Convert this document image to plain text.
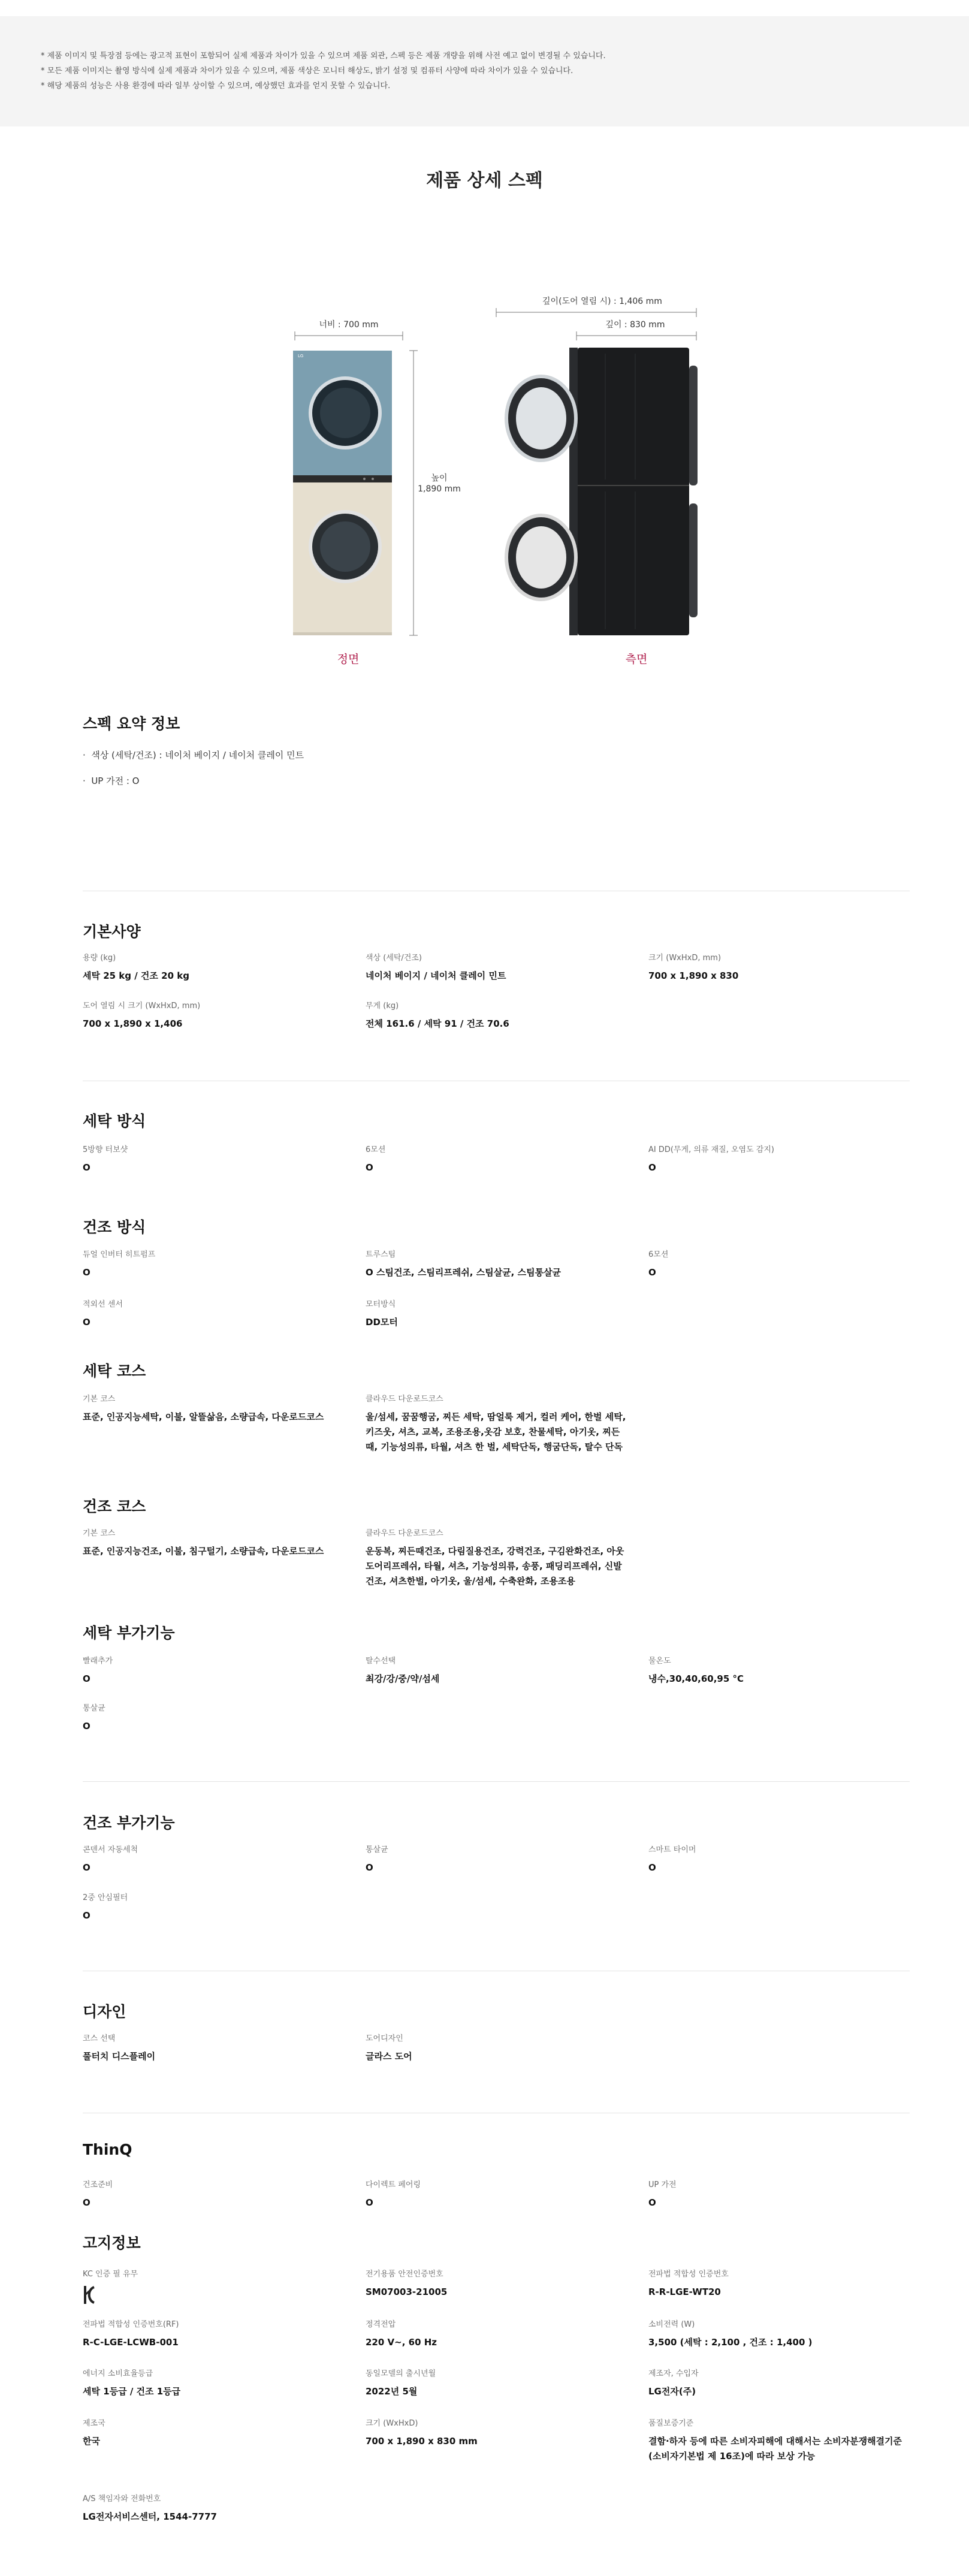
* 제품 이미지 및 특장점 등에는 광고적 표현이 포함되어 실제 제품과 차이가 있을 수 있으며 제품 외관, 스펙 등은 제품 개량을 위해 사전 예고 없이 변경될 수 있습니다.

* 모든 제품 이미지는 촬영 방식에 실제 제품과 차이가 있을 수 있으며, 제품 색상은 모니터 해상도, 밝기 설정 및 컴퓨터 사양에 따라 차이가 있을 수 있습니다.

* 해당 제품의 성능은 사용 환경에 따라 일부 상이할 수 있으며, 예상했던 효과를 얻지 못할 수 있습니다.

제품 상세 스펙
너비 : 700 mm
LG
높이
1,890 mm
깊이(도어 열림 시) : 1,406 mm
깊이 : 830 mm
정면	측면
스펙 요약 정보
·  색상 (세탁/건조) : 네이처 베이지 / 네이처 클레이 민트
·  UP 가전 : O
기본사양
용량 (kg)
세탁 25 kg / 건조 20 kg
색상 (세탁/건조)
네이처 베이지 / 네이처 클레이 민트
크기 (WxHxD, mm)
700 x 1,890 x 830
도어 열림 시 크기 (WxHxD, mm)
700 x 1,890 x 1,406
무게 (kg)
전체 161.6 / 세탁 91 / 건조 70.6
세탁 방식
5방향 터보샷
O
6모션
O
AI DD(무게, 의류 재질, 오염도 감지)
O
건조 방식
듀얼 인버터 히트펌프
O
트루스팀
O 스팀건조, 스팀리프레쉬, 스팀살균, 스팀통살균
6모션
O
적외선 센서
O
모터방식
DD모터
세탁 코스
기본 코스
표준, 인공지능세탁, 이불, 알뜰삶음, 소량급속, 다운로드코스
클라우드 다운로드코스
울/섬세, 꿈꿈행굼, 찌든 세탁, 땀얼룩 제거, 컬러 케어, 한벌 세탁, 키즈웃, 셔츠, 교복, 조용조용,옷감 보호, 찬물세탁, 아기옷, 찌든때, 기능성의류, 타월, 셔츠 한 벌, 세탁단독, 행굼단독, 탈수 단독
건조 코스
기본 코스
표준, 인공지능건조, 이불, 침구털기, 소량급속, 다운로드코스
클라우드 다운로드코스
운동복, 찌든때건조, 다림질용건조, 강력건조, 구김완화건조, 아웃도어리프레쉬, 타월, 셔츠, 기능성의류, 송풍, 패딩리프레쉬, 신발건조, 셔츠한벌, 아기옷, 울/섬세, 수축완화, 조용조용
세탁 부가기능
빨래추가
O
탈수선택
최강/강/중/약/섬세
물온도
냉수,30,40,60,95 °C
통살균
O
건조 부가기능
콘덴서 자동세척
O
통살균
O
스마트 타이머
O
2중 안심필터
O
디자인
코스 선택
풀터치 디스플레이
도어디자인
글라스 도어
ThinQ
건조준비
O
다이렉트 페어링
O
UP 가전
O
고지정보
KC 인증 필 유무	전기용품 안전인증번호
SM07003-21005
전파법 적합성 인증번호
R-R-LGE-WT20
전파법 적합성 인증번호(RF)
R-C-LGE-LCWB-001
정격전압
220 V~, 60 Hz
소비전력 (W)
3,500 (세탁 : 2,100 , 건조 : 1,400 )
에너지 소비효율등급
세탁 1등급 / 건조 1등급
동일모델의 출시년월
2022년 5월
제조자, 수입자
LG전자(주)
제조국
한국
크기 (WxHxD)
700 x 1,890 x 830 mm
품질보증기준
결함·하자 등에 따른 소비자피해에 대해서는 소비자분쟁해결기준(소비자기본법 제 16조)에 따라 보상 가능
A/S 책임자와 전화번호
LG전자서비스센터, 1544-7777
